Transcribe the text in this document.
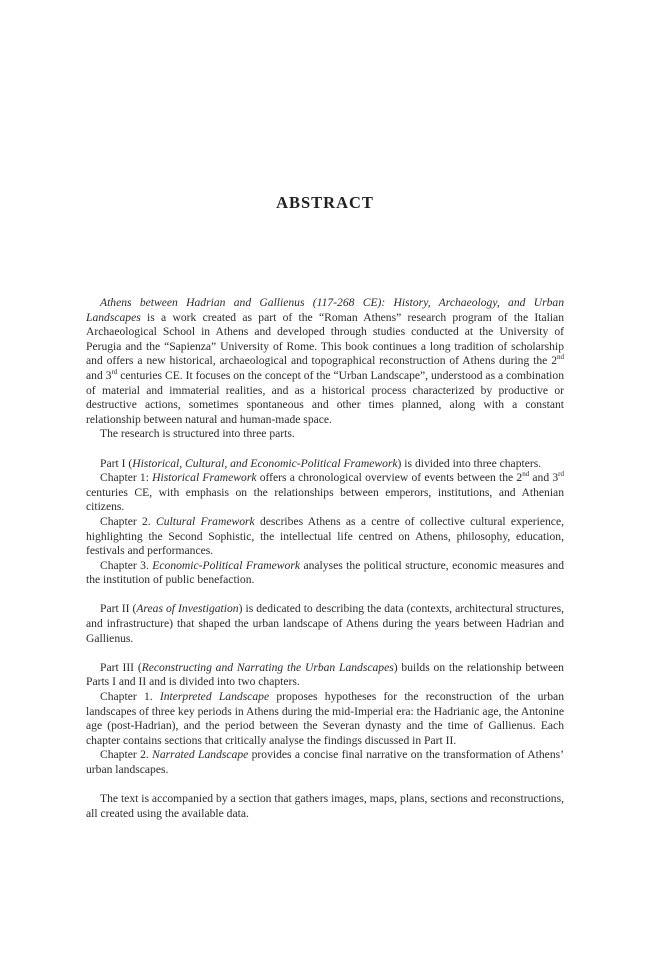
ABSTRACT

Athens between Hadrian and Gallienus (117-268 CE): History, Archaeology, and Urban Landscapes is a work created as part of the “Roman Athens” research program of the Italian Archaeological School in Athens and developed through studies conducted at the University of Perugia and the “Sapienza” University of Rome. This book continues a long tradition of scholarship and offers a new historical, archaeological and topographical reconstruction of Athens during the 2nd and 3rd centuries CE. It focuses on the concept of the “Urban Landscape”, understood as a combination of material and immaterial realities, and as a historical process characterized by productive or destructive actions, sometimes spontaneous and other times planned, along with a constant relationship between natural and human-made space.

The research is structured into three parts.

Part I (Historical, Cultural, and Economic-Political Framework) is divided into three chapters.

Chapter 1: Historical Framework offers a chronological overview of events between the 2nd and 3rd centuries CE, with emphasis on the relationships between emperors, institutions, and Athenian citizens.

Chapter 2. Cultural Framework describes Athens as a centre of collective cultural experience, highlighting the Second Sophistic, the intellectual life centred on Athens, philosophy, education, festivals and performances.

Chapter 3. Economic-Political Framework analyses the political structure, economic measures and the institution of public benefaction.

Part II (Areas of Investigation) is dedicated to describing the data (contexts, architectural structures, and infrastructure) that shaped the urban landscape of Athens during the years between Hadrian and Gallienus.

Part III (Reconstructing and Narrating the Urban Landscapes) builds on the relationship between Parts I and II and is divided into two chapters.

Chapter 1. Interpreted Landscape proposes hypotheses for the reconstruction of the urban landscapes of three key periods in Athens during the mid-Imperial era: the Hadrianic age, the Antonine age (post-Hadrian), and the period between the Severan dynasty and the time of Gallienus. Each chapter contains sections that critically analyse the findings discussed in Part II.

Chapter 2. Narrated Landscape provides a concise final narrative on the transformation of Athens’ urban landscapes.

The text is accompanied by a section that gathers images, maps, plans, sections and reconstructions, all created using the available data.
